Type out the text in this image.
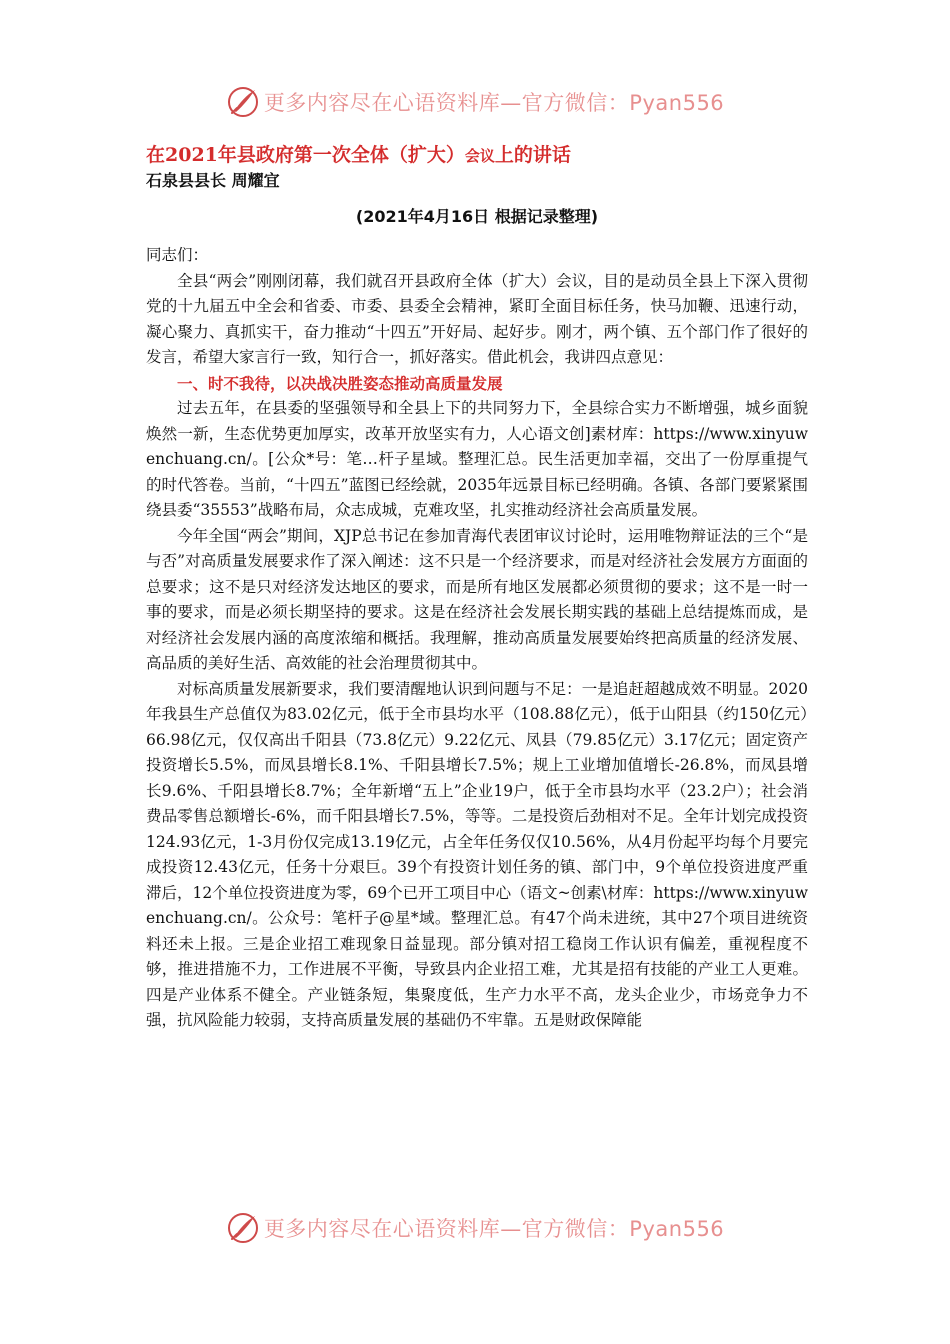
更多内容尽在心语资料库—官方微信：Pyan556
在2021年县政府第一次全体（扩大）会议上的讲话
石泉县县长 周耀宜
(2021年4月16日 根据记录整理)
同志们：

全县“两会”刚刚闭幕，我们就召开县政府全体（扩大）会议，目的是动员全县上下深入贯彻党的十九届五中全会和省委、市委、县委全会精神，紧盯全面目标任务，快马加鞭、迅速行动，凝心聚力、真抓实干，奋力推动“十四五”开好局、起好步。刚才，两个镇、五个部门作了很好的发言，希望大家言行一致，知行合一，抓好落实。借此机会，我讲四点意见：

一、时不我待，以决战决胜姿态推动高质量发展

过去五年，在县委的坚强领导和全县上下的共同努力下，全县综合实力不断增强，城乡面貌焕然一新，生态优势更加厚实，改革开放坚实有力，人心语文创]素材库：https://www.xinyuwenchuang.cn/。[公众*号：笔…杆子星域。整理汇总。民生活更加幸福，交出了一份厚重提气的时代答卷。当前，“十四五”蓝图已经绘就，2035年远景目标已经明确。各镇、各部门要紧紧围绕县委“35553”战略布局，众志成城，克难攻坚，扎实推动经济社会高质量发展。

今年全国“两会”期间，XJP总书记在参加青海代表团审议讨论时，运用唯物辩证法的三个“是与否”对高质量发展要求作了深入阐述：这不只是一个经济要求，而是对经济社会发展方方面面的总要求；这不是只对经济发达地区的要求，而是所有地区发展都必须贯彻的要求；这不是一时一事的要求，而是必须长期坚持的要求。这是在经济社会发展长期实践的基础上总结提炼而成，是对经济社会发展内涵的高度浓缩和概括。我理解，推动高质量发展要始终把高质量的经济发展、高品质的美好生活、高效能的社会治理贯彻其中。

对标高质量发展新要求，我们要清醒地认识到问题与不足：一是追赶超越成效不明显。2020年我县生产总值仅为83.02亿元，低于全市县均水平（108.88亿元），低于山阳县（约150亿元）66.98亿元，仅仅高出千阳县（73.8亿元）9.22亿元、凤县（79.85亿元）3.17亿元；固定资产投资增长5.5%，而凤县增长8.1%、千阳县增长7.5%；规上工业增加值增长-26.8%，而凤县增长9.6%、千阳县增长8.7%；全年新增“五上”企业19户，低于全市县均水平（23.2户）；社会消费品零售总额增长-6%，而千阳县增长7.5%，等等。二是投资后劲相对不足。全年计划完成投资124.93亿元，1-3月份仅完成13.19亿元，占全年任务仅仅10.56%，从4月份起平均每个月要完成投资12.43亿元，任务十分艰巨。39个有投资计划任务的镇、部门中，9个单位投资进度严重滞后，12个单位投资进度为零，69个已开工项目中心（语文~创素\材库：https://www.xinyuwenchuang.cn/。公众号：笔杆子@星*域。整理汇总。有47个尚未进统，其中27个项目进统资料还未上报。三是企业招工难现象日益显现。部分镇对招工稳岗工作认识有偏差，重视程度不够，推进措施不力，工作进展不平衡，导致县内企业招工难，尤其是招有技能的产业工人更难。四是产业体系不健全。产业链条短，集聚度低，生产力水平不高，龙头企业少，市场竞争力不强，抗风险能力较弱，支持高质量发展的基础仍不牢靠。五是财政保障能

更多内容尽在心语资料库—官方微信：Pyan556
